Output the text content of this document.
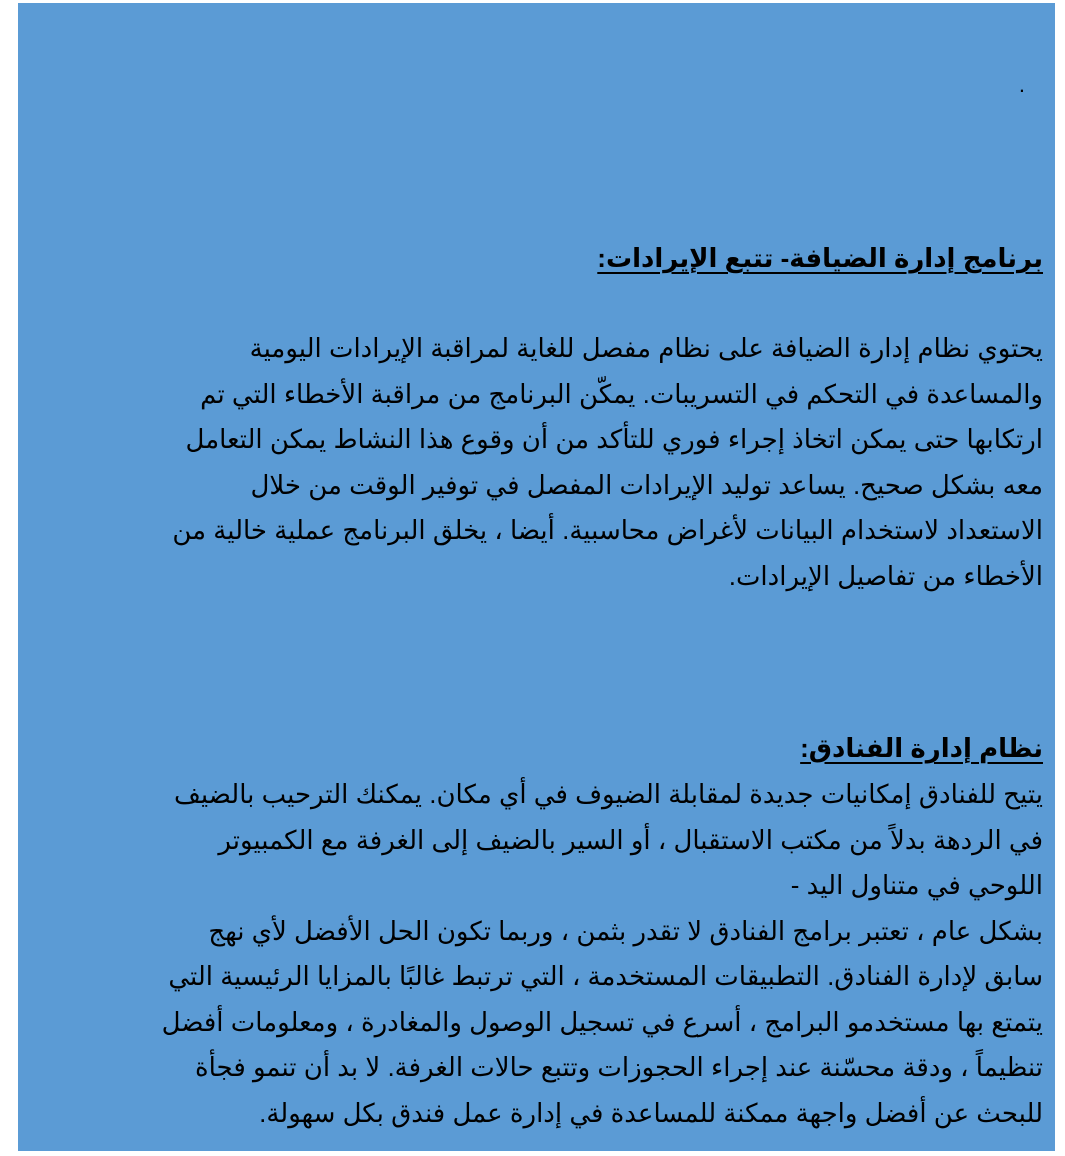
.
برنامج إدارة الضيافة- تتبع الإيرادات:
يحتوي نظام إدارة الضيافة على نظام مفصل للغاية لمراقبة الإيرادات اليومية
والمساعدة في التحكم في التسريبات. يمكّن البرنامج من مراقبة الأخطاء التي تم
ارتكابها حتى يمكن اتخاذ إجراء فوري للتأكد من أن وقوع هذا النشاط يمكن التعامل
معه بشكل صحيح. يساعد توليد الإيرادات المفصل في توفير الوقت من خلال
الاستعداد لاستخدام البيانات لأغراض محاسبية. أيضا ، يخلق البرنامج عملية خالية من
الأخطاء من تفاصيل الإيرادات.
نظام إدارة الفنادق:
يتيح للفنادق إمكانيات جديدة لمقابلة الضيوف في أي مكان. يمكنك الترحيب بالضيف
في الردهة بدلاً من مكتب الاستقبال ، أو السير بالضيف إلى الغرفة مع الكمبيوتر
اللوحي في متناول اليد -
بشكل عام ، تعتبر برامج الفنادق لا تقدر بثمن ، وربما تكون الحل الأفضل لأي نهج
سابق لإدارة الفنادق. التطبيقات المستخدمة ، التي ترتبط غالبًا بالمزايا الرئيسية التي
يتمتع بها مستخدمو البرامج ، أسرع في تسجيل الوصول والمغادرة ، ومعلومات أفضل
تنظيماً ، ودقة محسّنة عند إجراء الحجوزات وتتبع حالات الغرفة. لا بد أن تنمو فجأة
للبحث عن أفضل واجهة ممكنة للمساعدة في إدارة عمل فندق بكل سهولة.
